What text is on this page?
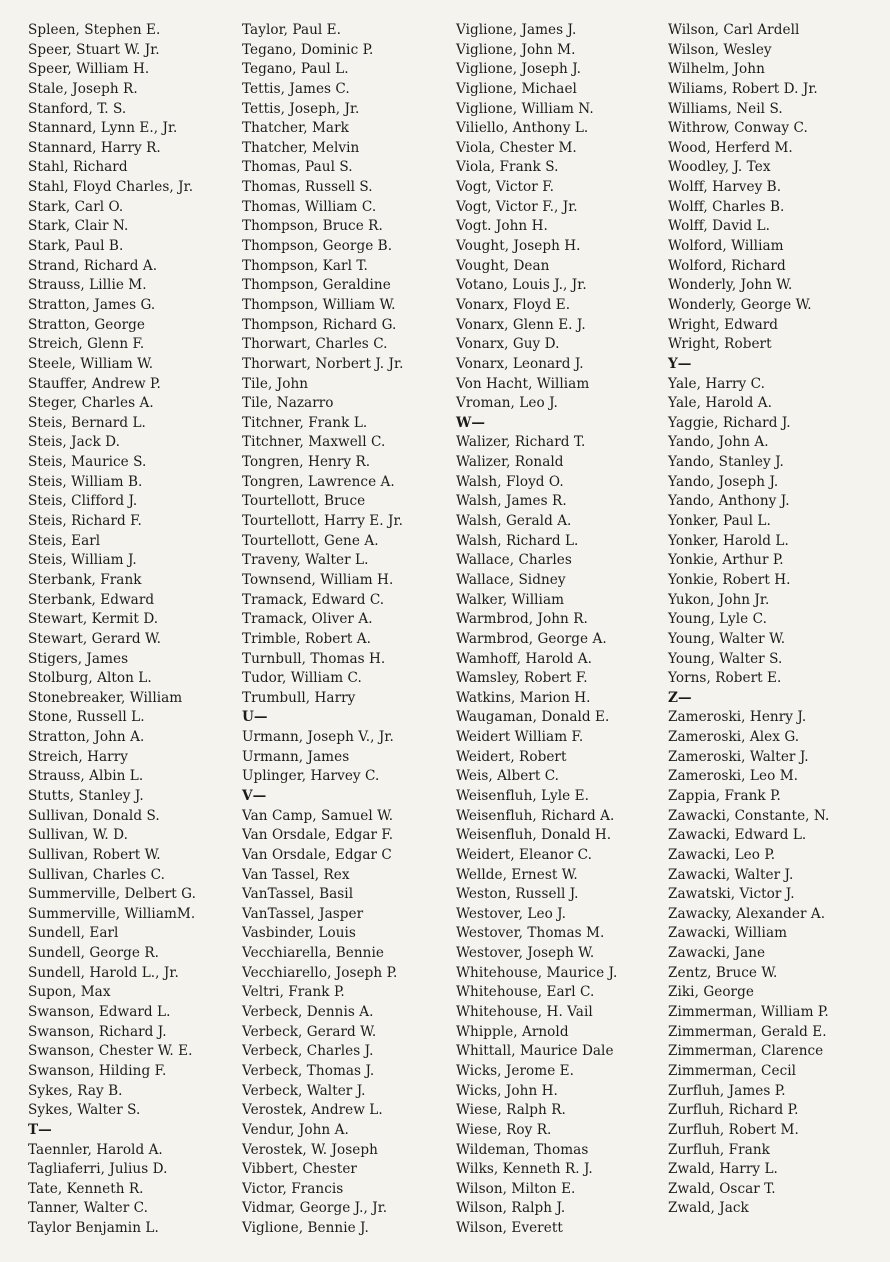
Spleen, Stephen E.
Speer, Stuart W. Jr.
Speer, William H.
Stale, Joseph R.
Stanford, T. S.
Stannard, Lynn E., Jr.
Stannard, Harry R.
Stahl, Richard
Stahl, Floyd Charles, Jr.
Stark, Carl O.
Stark, Clair N.
Stark, Paul B.
Strand, Richard A.
Strauss, Lillie M.
Stratton, James G.
Stratton, George
Streich, Glenn F.
Steele, William W.
Stauffer, Andrew P.
Steger, Charles A.
Steis, Bernard L.
Steis, Jack D.
Steis, Maurice S.
Steis, William B.
Steis, Clifford J.
Steis, Richard F.
Steis, Earl
Steis, William J.
Sterbank, Frank
Sterbank, Edward
Stewart, Kermit D.
Stewart, Gerard W.
Stigers, James
Stolburg, Alton L.
Stonebreaker, William
Stone, Russell L.
Stratton, John A.
Streich, Harry
Strauss, Albin L.
Stutts, Stanley J.
Sullivan, Donald S.
Sullivan, W. D.
Sullivan, Robert W.
Sullivan, Charles C.
Summerville, Delbert G.
Summerville, WilliamM.
Sundell, Earl
Sundell, George R.
Sundell, Harold L., Jr.
Supon, Max
Swanson, Edward L.
Swanson, Richard J.
Swanson, Chester W. E.
Swanson, Hilding F.
Sykes, Ray B.
Sykes, Walter S.
T—
Taennler, Harold A.
Tagliaferri, Julius D.
Tate, Kenneth R.
Tanner, Walter C.
Taylor Benjamin L.
Taylor, Paul E.
Tegano, Dominic P.
Tegano, Paul L.
Tettis, James C.
Tettis, Joseph, Jr.
Thatcher, Mark
Thatcher, Melvin
Thomas, Paul S.
Thomas, Russell S.
Thomas, William C.
Thompson, Bruce R.
Thompson, George B.
Thompson, Karl T.
Thompson, Geraldine
Thompson, William W.
Thompson, Richard G.
Thorwart, Charles C.
Thorwart, Norbert J. Jr.
Tile, John
Tile, Nazarro
Titchner, Frank L.
Titchner, Maxwell C.
Tongren, Henry R.
Tongren, Lawrence A.
Tourtellott, Bruce
Tourtellott, Harry E. Jr.
Tourtellott, Gene A.
Traveny, Walter L.
Townsend, William H.
Tramack, Edward C.
Tramack, Oliver A.
Trimble, Robert A.
Turnbull, Thomas H.
Tudor, William C.
Trumbull, Harry
U—
Urmann, Joseph V., Jr.
Urmann, James
Uplinger, Harvey C.
V—
Van Camp, Samuel W.
Van Orsdale, Edgar F.
Van Orsdale, Edgar C
Van Tassel, Rex
VanTassel, Basil
VanTassel, Jasper
Vasbinder, Louis
Vecchiarella, Bennie
Vecchiarello, Joseph P.
Veltri, Frank P.
Verbeck, Dennis A.
Verbeck, Gerard W.
Verbeck, Charles J.
Verbeck, Thomas J.
Verbeck, Walter J.
Verostek, Andrew L.
Vendur, John A.
Verostek, W. Joseph
Vibbert, Chester
Victor, Francis
Vidmar, George J., Jr.
Viglione, Bennie J.
Viglione, James J.
Viglione, John M.
Viglione, Joseph J.
Viglione, Michael
Viglione, William N.
Viliello, Anthony L.
Viola, Chester M.
Viola, Frank S.
Vogt, Victor F.
Vogt, Victor F., Jr.
Vogt. John H.
Vought, Joseph H.
Vought, Dean
Votano, Louis J., Jr.
Vonarx, Floyd E.
Vonarx, Glenn E. J.
Vonarx, Guy D.
Vonarx, Leonard J.
Von Hacht, William
Vroman, Leo J.
W—
Walizer, Richard T.
Walizer, Ronald
Walsh, Floyd O.
Walsh, James R.
Walsh, Gerald A.
Walsh, Richard L.
Wallace, Charles
Wallace, Sidney
Walker, William
Warmbrod, John R.
Warmbrod, George A.
Wamhoff, Harold A.
Wamsley, Robert F.
Watkins, Marion H.
Waugaman, Donald E.
Weidert William F.
Weidert, Robert
Weis, Albert C.
Weisenfluh, Lyle E.
Weisenfluh, Richard A.
Weisenfluh, Donald H.
Weidert, Eleanor C.
Wellde, Ernest W.
Weston, Russell J.
Westover, Leo J.
Westover, Thomas M.
Westover, Joseph W.
Whitehouse, Maurice J.
Whitehouse, Earl C.
Whitehouse, H. Vail
Whipple, Arnold
Whittall, Maurice Dale
Wicks, Jerome E.
Wicks, John H.
Wiese, Ralph R.
Wiese, Roy R.
Wildeman, Thomas
Wilks, Kenneth R. J.
Wilson, Milton E.
Wilson, Ralph J.
Wilson, Everett
Wilson, Carl Ardell
Wilson, Wesley
Wilhelm, John
Wiliams, Robert D. Jr.
Williams, Neil S.
Withrow, Conway C.
Wood, Herferd M.
Woodley, J. Tex
Wolff, Harvey B.
Wolff, Charles B.
Wolff, David L.
Wolford, William
Wolford, Richard
Wonderly, John W.
Wonderly, George W.
Wright, Edward
Wright, Robert
Y—
Yale, Harry C.
Yale, Harold A.
Yaggie, Richard J.
Yando, John A.
Yando, Stanley J.
Yando, Joseph J.
Yando, Anthony J.
Yonker, Paul L.
Yonker, Harold L.
Yonkie, Arthur P.
Yonkie, Robert H.
Yukon, John Jr.
Young, Lyle C.
Young, Walter W.
Young, Walter S.
Yorns, Robert E.
Z—
Zameroski, Henry J.
Zameroski, Alex G.
Zameroski, Walter J.
Zameroski, Leo M.
Zappia, Frank P.
Zawacki, Constante, N.
Zawacki, Edward L.
Zawacki, Leo P.
Zawacki, Walter J.
Zawatski, Victor J.
Zawacky, Alexander A.
Zawacki, William
Zawacki, Jane
Zentz, Bruce W.
Ziki, George
Zimmerman, William P.
Zimmerman, Gerald E.
Zimmerman, Clarence
Zimmerman, Cecil
Zurfluh, James P.
Zurfluh, Richard P.
Zurfluh, Robert M.
Zurfluh, Frank
Zwald, Harry L.
Zwald, Oscar T.
Zwald, Jack
